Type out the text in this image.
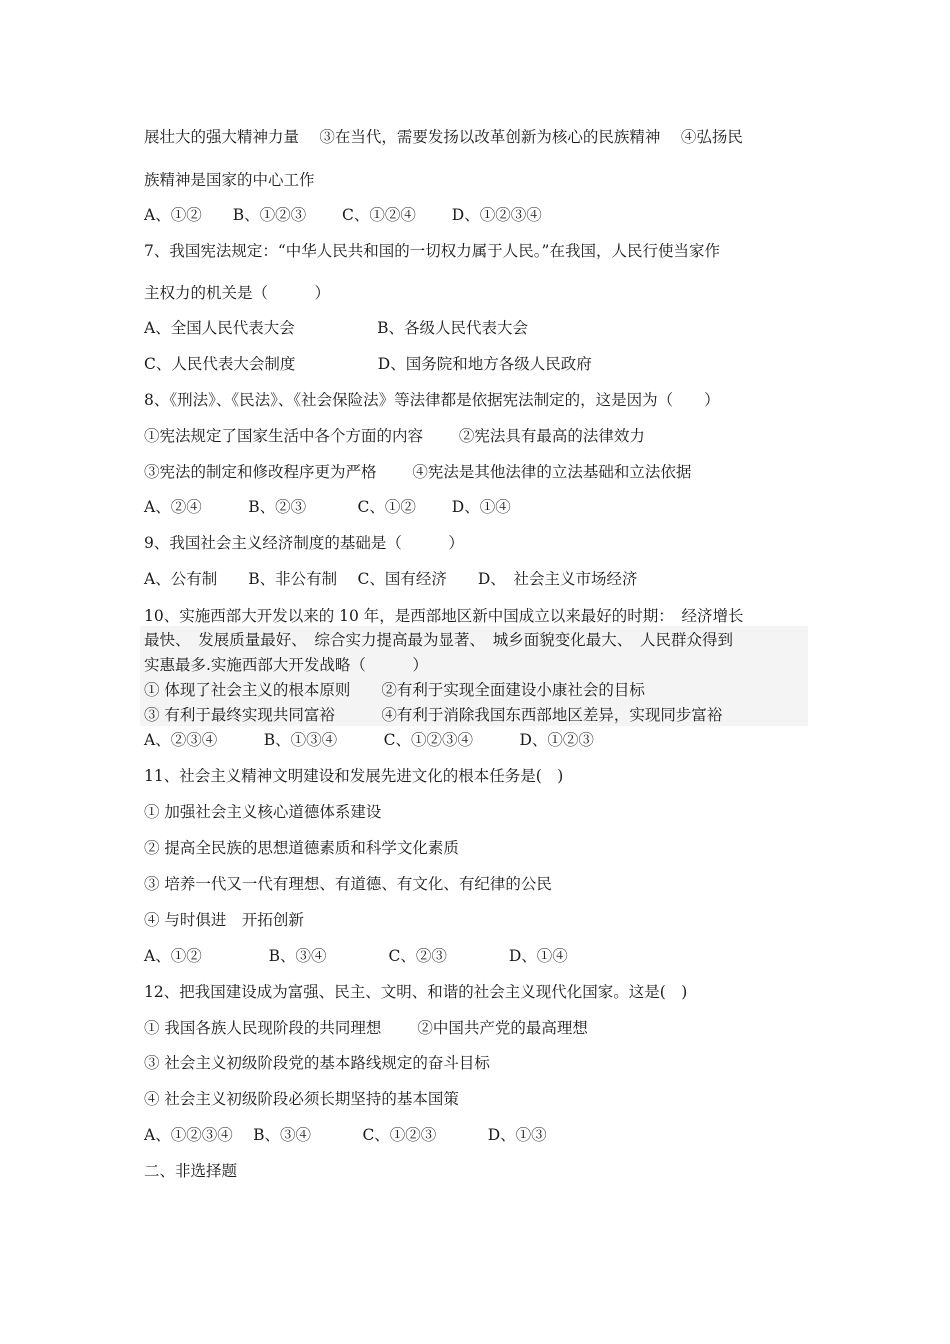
展壮大的强大精神力量　 ③在当代，需要发扬以改革创新为核心的民族精神　 ④弘扬民
族精神是国家的中心工作
A、①②　　B、①②③　　 C、①②④　　 D、①②③④
7、我国宪法规定：“中华人民共和国的一切权力属于人民。”在我国，人民行使当家作
主权力的机关是（　　　）
A、全国人民代表大会　　　　　 B、各级人民代表大会
C、人民代表大会制度　　　　　 D、国务院和地方各级人民政府
8、《刑法》、《民法》、《社会保险法》等法律都是依据宪法制定的，这是因为（　　）
①宪法规定了国家生活中各个方面的内容　　 ②宪法具有最高的法律效力
③宪法的制定和修改程序更为严格　　 ④宪法是其他法律的立法基础和立法依据
A、②④　　　B、②③　　　 C、①②　　 D、①④
9、我国社会主义经济制度的基础是（　　　）
A、公有制　　B、非公有制　 C、国有经济　　D、　社会主义市场经济
10、实施西部大开发以来的 10 年，是西部地区新中国成立以来最好的时期：　经济增长
最快、　发展质量最好、　综合实力提高最为显著、　城乡面貌变化最大、　人民群众得到
实惠最多.实施西部大开发战略（　　　）
① 体现了社会主义的根本原则　　②有利于实现全面建设小康社会的目标
③ 有利于最终实现共同富裕　　　④有利于消除我国东西部地区差异，实现同步富裕
A、②③④　　　B、①③④　　　C、①②③④　　　D、①②③
11、社会主义精神文明建设和发展先进文化的根本任务是(　)
① 加强社会主义核心道德体系建设
② 提高全民族的思想道德素质和科学文化素质
③ 培养一代又一代有理想、有道德、有文化、有纪律的公民
④ 与时俱进　开拓创新
A、①②　　　　 B、③④　　　　C、②③　　　　D、①④
12、把我国建设成为富强、民主、文明、和谐的社会主义现代化国家。这是(　)
① 我国各族人民现阶段的共同理想　　 ②中国共产党的最高理想
③ 社会主义初级阶段党的基本路线规定的奋斗目标
④ 社会主义初级阶段必须长期坚持的基本国策
A、①②③④　 B、③④　　　 C、①②③　　　 D、①③
二、非选择题
